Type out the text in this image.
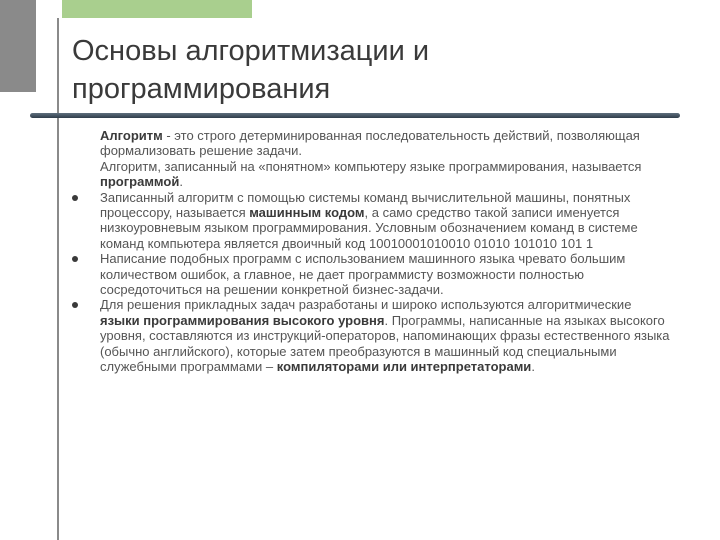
Основы алгоритмизации и программирования

Алгоритм - это строго детерминированная последовательность действий, позволяющая формализовать решение задачи.

Алгоритм, записанный на «понятном» компьютеру языке программирования, называется программой.

Записанный алгоритм с помощью системы команд вычислительной машины, понятных процессору, называется машинным кодом, а само средство такой записи именуется низкоуровневым языком программирования. Условным обозначением команд в системе команд компьютера является двоичный код 10010001010010 01010 101010 101 1

Написание подобных программ с использованием машинного языка чревато большим количеством ошибок, а главное, не дает программисту возможности полностью сосредоточиться на решении конкретной бизнес-задачи.

Для решения прикладных задач разработаны и широко используются алгоритмические языки программирования высокого уровня. Программы, написанные на языках высокого уровня, составляются из инструкций-операторов, напоминающих фразы естественного языка (обычно английского), которые затем преобразуются в машинный код специальными служебными программами – компиляторами или интерпретаторами.
